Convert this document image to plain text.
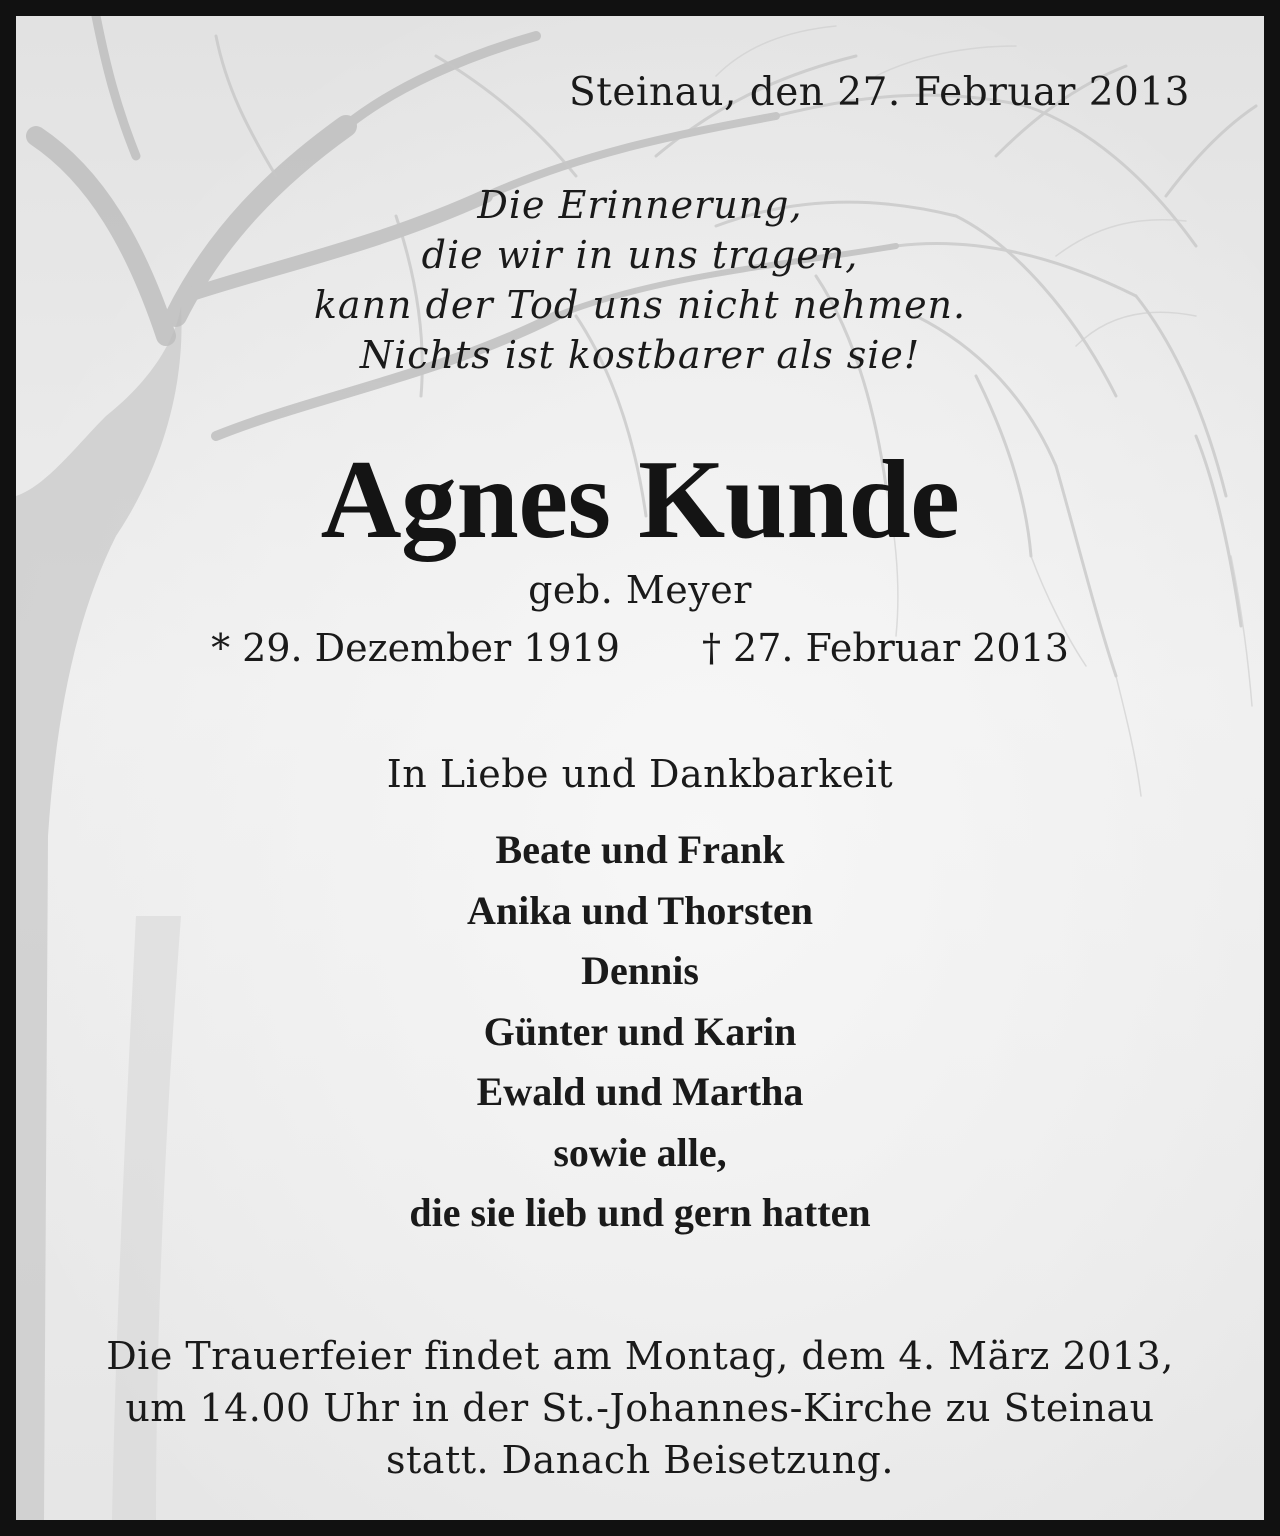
Steinau, den 27. Februar 2013
Die Erinnerung,
die wir in uns tragen,
kann der Tod uns nicht nehmen.
Nichts ist kostbarer als sie!
Agnes Kunde
geb. Meyer
* 29. Dezember 1919 † 27. Februar 2013
In Liebe und Dankbarkeit
Beate und Frank
Anika und Thorsten
Dennis
Günter und Karin
Ewald und Martha
sowie alle,
die sie lieb und gern hatten
Die Trauerfeier findet am Montag, dem 4. März 2013,
um 14.00 Uhr in der St.-Johannes-Kirche zu Steinau
statt. Danach Beisetzung.
